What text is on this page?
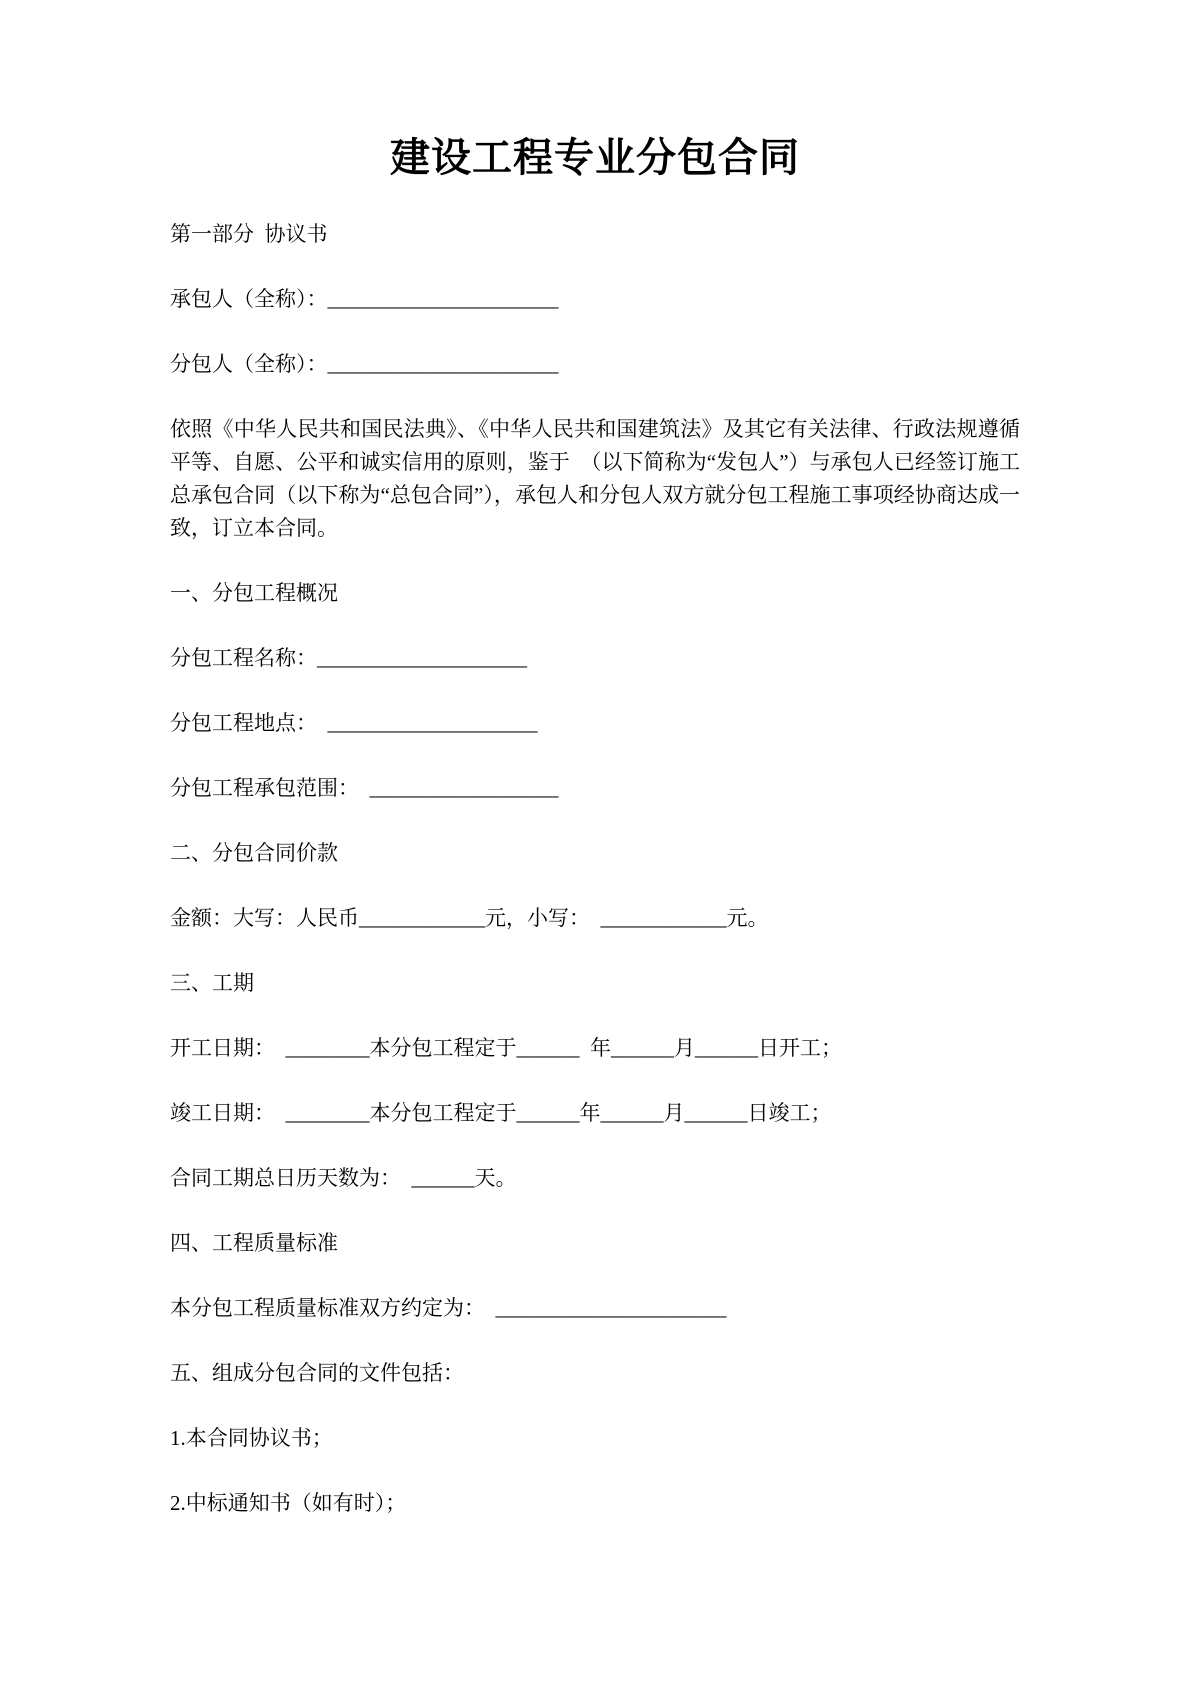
建设工程专业分包合同

第一部分  协议书

承包人（全称）：______________________

分包人（全称）：______________________

依照《中华人民共和国民法典》、《中华人民共和国建筑法》及其它有关法律、行政法规遵循平等、自愿、公平和诚实信用的原则，鉴于  （以下简称为“发包人”）与承包人已经签订施工总承包合同（以下称为“总包合同”），承包人和分包人双方就分包工程施工事项经协商达成一致，订立本合同。

一、分包工程概况

分包工程名称：____________________

分包工程地点：  ____________________

分包工程承包范围：  __________________

二、分包合同价款

金额：大写：人民币____________元，小写：  ____________元。

三、工期

开工日期：  ________本分包工程定于______  年______月______日开工；

竣工日期：  ________本分包工程定于______年______月______日竣工；

合同工期总日历天数为：  ______天。

四、工程质量标准

本分包工程质量标准双方约定为：  ______________________

五、组成分包合同的文件包括：

1.本合同协议书；

2.中标通知书（如有时）；
